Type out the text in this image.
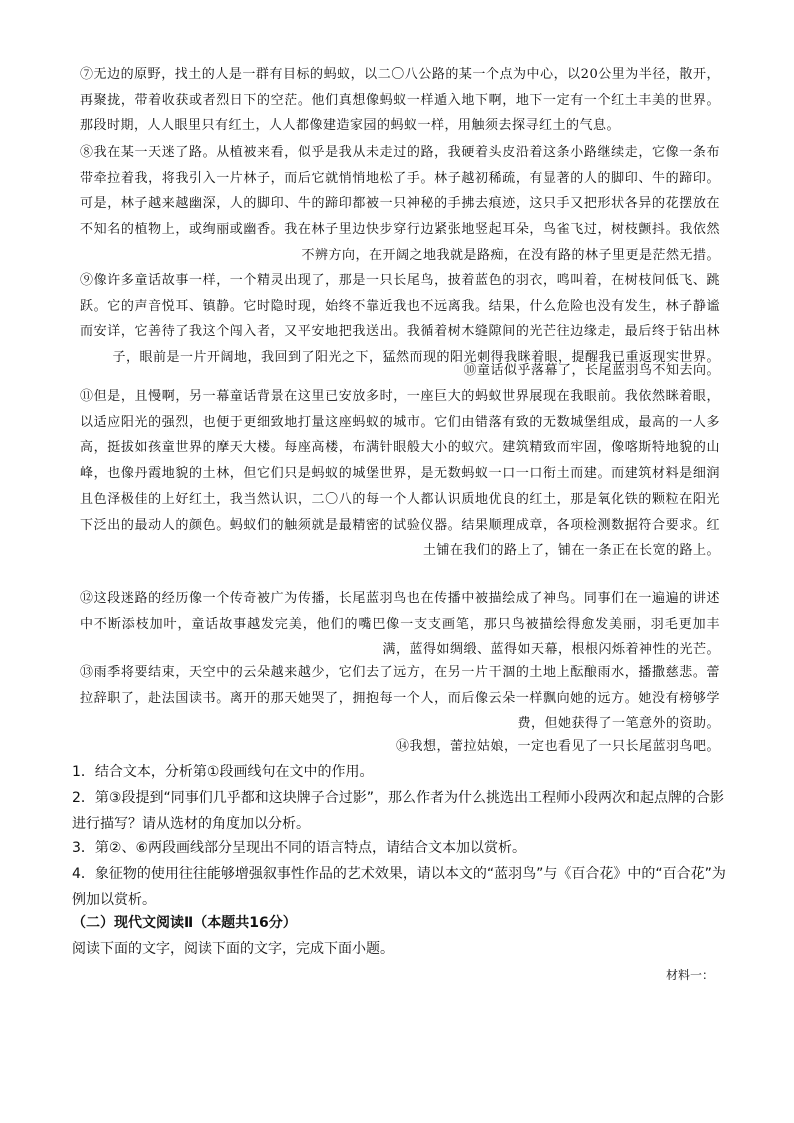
⑦无边的原野，找土的人是一群有目标的蚂蚁，以二〇八公路的某一个点为中心，以20公里为半径，散开，再聚拢，带着收获或者烈日下的空茫。他们真想像蚂蚁一样遁入地下啊，地下一定有一个红土丰美的世界。那段时期，人人眼里只有红土，人人都像建造家园的蚂蚁一样，用触须去探寻红土的气息。
⑧我在某一天迷了路。从植被来看，似乎是我从未走过的路，我硬着头皮沿着这条小路继续走，它像一条布带牵拉着我，将我引入一片林子，而后它就悄悄地松了手。林子越初稀疏，有显著的人的脚印、牛的蹄印。可是，林子越来越幽深，人的脚印、牛的蹄印都被一只神秘的手拂去痕迹，这只手又把形状各异的花摆放在不知名的植物上，或绚丽或幽香。我在林子里边快步穿行边紧张地竖起耳朵，鸟雀飞过，树枝颤抖。我依然不辨方向，在开阔之地我就是路痴，在没有路的林子里更是茫然无措。
⑨像许多童话故事一样，一个精灵出现了，那是一只长尾鸟，披着蓝色的羽衣，鸣叫着，在树枝间低飞、跳跃。它的声音悦耳、镇静。它时隐时现，始终不靠近我也不远离我。结果，什么危险也没有发生，林子静谧而安详，它善待了我这个闯入者，又平安地把我送出。我循着树木缝隙间的光芒往边缘走，最后终于钻出林子，眼前是一片开阔地，我回到了阳光之下，猛然而现的阳光刺得我眯着眼，提醒我已重返现实世界。
⑩童话似乎落幕了，长尾蓝羽鸟不知去向。
⑪但是，且慢啊，另一幕童话背景在这里已安放多时，一座巨大的蚂蚁世界展现在我眼前。我依然眯着眼，以适应阳光的强烈，也便于更细致地打量这座蚂蚁的城市。它们由错落有致的无数城堡组成，最高的一人多高，挺拔如孩童世界的摩天大楼。每座高楼，布满针眼般大小的蚁穴。建筑精致而牢固，像喀斯特地貌的山峰，也像丹霞地貌的土林，但它们只是蚂蚁的城堡世界，是无数蚂蚁一口一口衔土而建。而建筑材料是细润且色泽极佳的上好红土，我当然认识，二〇八的每一个人都认识质地优良的红土，那是氧化铁的颗粒在阳光下泛出的最动人的颜色。蚂蚁们的触须就是最精密的试验仪器。结果顺理成章，各项检测数据符合要求。红土铺在我们的路上了，铺在一条正在长宽的路上。
⑫这段迷路的经历像一个传奇被广为传播，长尾蓝羽鸟也在传播中被描绘成了神鸟。同事们在一遍遍的讲述中不断添枝加叶，童话故事越发完美，他们的嘴巴像一支支画笔，那只鸟被描绘得愈发美丽，羽毛更加丰满，蓝得如绸缎、蓝得如天幕，根根闪烁着神性的光芒。
⑬雨季将要结束，天空中的云朵越来越少，它们去了远方，在另一片干涸的土地上酝酿雨水，播撒慈悲。蕾拉辞职了，赴法国读书。离开的那天她哭了，拥抱每一个人，而后像云朵一样飘向她的远方。她没有榜够学费，但她获得了一笔意外的资助。
⑭我想，蕾拉姑娘，一定也看见了一只长尾蓝羽鸟吧。
1．结合文本，分析第①段画线句在文中的作用。
2．第③段提到“同事们几乎都和这块牌子合过影”，那么作者为什么挑选出工程师小段两次和起点牌的合影进行描写？请从选材的角度加以分析。
3．第②、⑥两段画线部分呈现出不同的语言特点，请结合文本加以赏析。
4．象征物的使用往往能够增强叙事性作品的艺术效果，请以本文的“蓝羽鸟”与《百合花》中的“百合花”为例加以赏析。
（二）现代文阅读Ⅱ（本题共16分）
阅读下面的文字，阅读下面的文字，完成下面小题。
材料一：
